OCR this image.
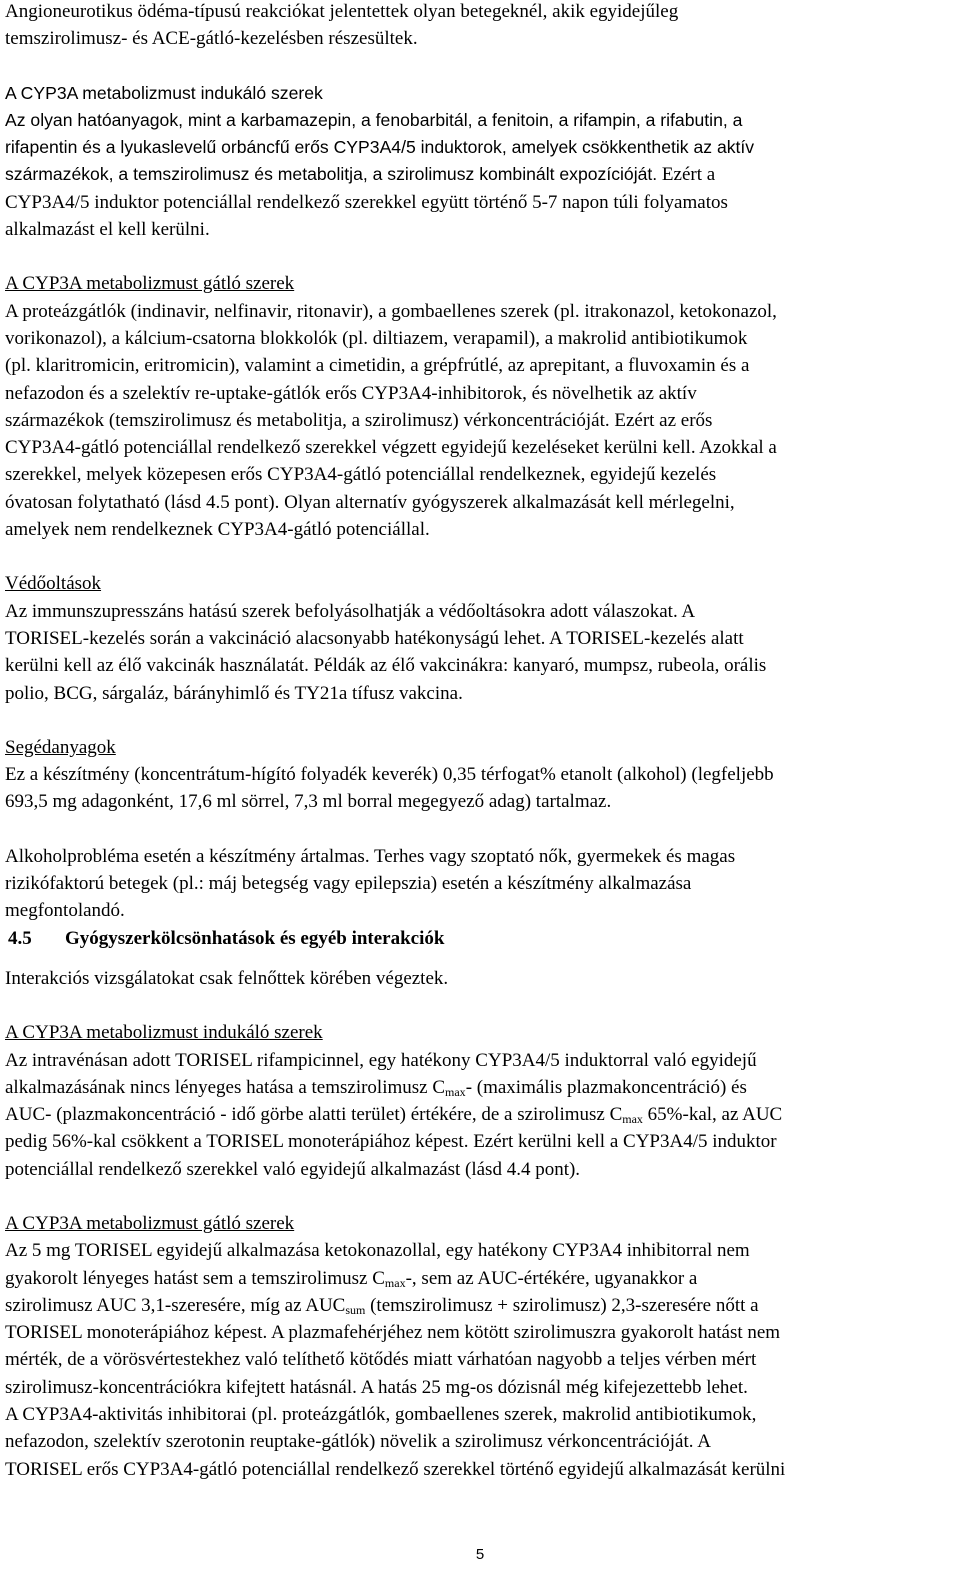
Angioneurotikus ödéma-típusú reakciókat jelentettek olyan betegeknél, akik egyidejűleg

temszirolimusz- és ACE-gátló-kezelésben részesültek.

A CYP3A metabolizmust indukáló szerek

Az olyan hatóanyagok, mint a karbamazepin, a fenobarbitál, a fenitoin, a rifampin, a rifabutin, a

rifapentin és a lyukaslevelű orbáncfű erős CYP3A4/5 induktorok, amelyek csökkenthetik az aktív

származékok, a temszirolimusz és metabolitja, a szirolimusz kombinált expozícióját. Ezért a

CYP3A4/5 induktor potenciállal rendelkező szerekkel együtt történő 5-7 napon túli folyamatos

alkalmazást el kell kerülni.

A CYP3A metabolizmust gátló szerek

A proteázgátlók (indinavir, nelfinavir, ritonavir), a gombaellenes szerek (pl. itrakonazol, ketokonazol,

vorikonazol), a kálcium-csatorna blokkolók (pl. diltiazem, verapamil), a makrolid antibiotikumok

(pl. klaritromicin, eritromicin), valamint a cimetidin, a grépfrútlé, az aprepitant, a fluvoxamin és a

nefazodon és a szelektív re-uptake-gátlók erős CYP3A4-inhibitorok, és növelhetik az aktív

származékok (temszirolimusz és metabolitja, a szirolimusz) vérkoncentrációját. Ezért az erős

CYP3A4-gátló potenciállal rendelkező szerekkel végzett egyidejű kezeléseket kerülni kell. Azokkal a

szerekkel, melyek közepesen erős CYP3A4-gátló potenciállal rendelkeznek, egyidejű kezelés

óvatosan folytatható (lásd 4.5 pont). Olyan alternatív gyógyszerek alkalmazását kell mérlegelni,

amelyek nem rendelkeznek CYP3A4-gátló potenciállal.

Védőoltások

Az immunszupresszáns hatású szerek befolyásolhatják a védőoltásokra adott válaszokat. A

TORISEL-kezelés során a vakcináció alacsonyabb hatékonyságú lehet. A TORISEL-kezelés alatt

kerülni kell az élő vakcinák használatát. Példák az élő vakcinákra: kanyaró, mumpsz, rubeola, orális

polio, BCG, sárgaláz, bárányhimlő és TY21a tífusz vakcina.

Segédanyagok

Ez a készítmény (koncentrátum-hígító folyadék keverék) 0,35 térfogat% etanolt (alkohol) (legfeljebb

693,5 mg adagonként, 17,6 ml sörrel, 7,3 ml borral megegyező adag) tartalmaz.

Alkoholprobléma esetén a készítmény ártalmas. Terhes vagy szoptató nők, gyermekek és magas

rizikófaktorú betegek (pl.: máj betegség vagy epilepszia) esetén a készítmény alkalmazása

megfontolandó.

4.5 Gyógyszerkölcsönhatások és egyéb interakciók

Interakciós vizsgálatokat csak felnőttek körében végeztek.

A CYP3A metabolizmust indukáló szerek

Az intravénásan adott TORISEL rifampicinnel, egy hatékony CYP3A4/5 induktorral való egyidejű

alkalmazásának nincs lényeges hatása a temszirolimusz $C_{max}-$ (maximális plazmakoncentráció) és

AUC- (plazmakoncentráció - idő görbe alatti terület) értékére, de a szirolimusz $C_{max}$ 65%-kal, az AUC

pedig 56%-kal csökkent a TORISEL monoterápiához képest. Ezért kerülni kell a CYP3A4/5 induktor

potenciállal rendelkező szerekkel való egyidejű alkalmazást (lásd 4.4 pont).

A CYP3A metabolizmust gátló szerek

Az 5 mg TORISEL egyidejű alkalmazása ketokonazollal, egy hatékony CYP3A4 inhibitorral nem

gyakorolt lényeges hatást sem a temszirolimusz $C_{max}-$, sem az AUC-értékére, ugyanakkor a

szirolimusz AUC 3,1-szeresére, míg az $AUC_{sum}$ (temszirolimusz + szirolimusz) 2,3-szeresére nőtt a

TORISEL monoterápiához képest. A plazmafehérjéhez nem kötött szirolimuszra gyakorolt hatást nem

mérték, de a vörösvértestekhez való telíthető kötődés miatt várhatóan nagyobb a teljes vérben mért

szirolimusz-koncentrációkra kifejtett hatásnál. A hatás 25 mg-os dózisnál még kifejezettebb lehet.

A CYP3A4-aktivitás inhibitorai (pl. proteázgátlók, gombaellenes szerek, makrolid antibiotikumok,

nefazodon, szelektív szerotonin reuptake-gátlók) növelik a szirolimusz vérkoncentrációját. A

TORISEL erős CYP3A4-gátló potenciállal rendelkező szerekkel történő egyidejű alkalmazását kerülni

5
